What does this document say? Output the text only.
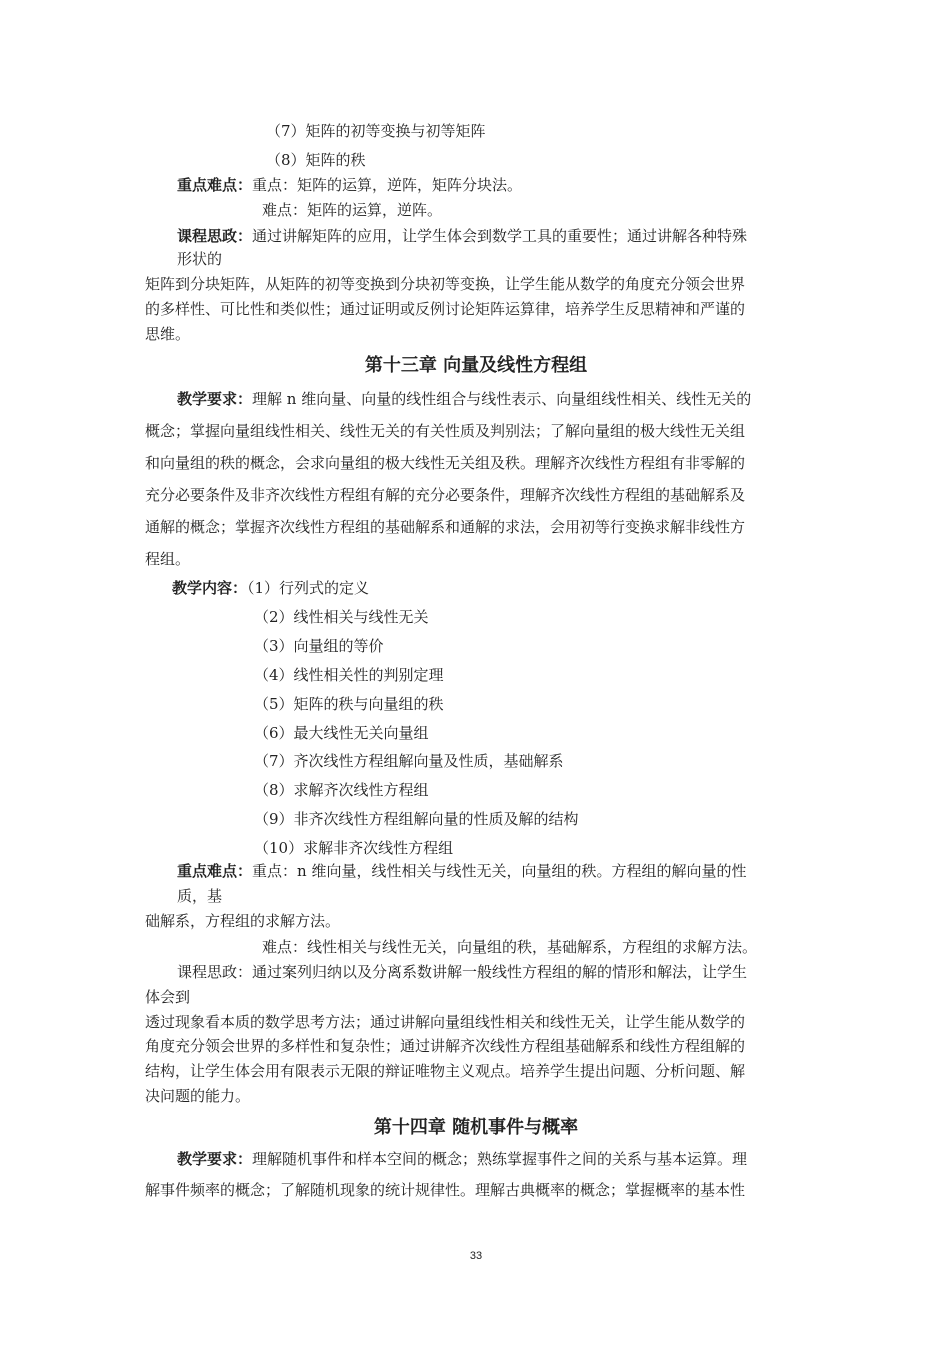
（7）矩阵的初等变换与初等矩阵
（8）矩阵的秩
重点难点：重点：矩阵的运算，逆阵，矩阵分块法。
难点：矩阵的运算，逆阵。
课程思政：通过讲解矩阵的应用，让学生体会到数学工具的重要性；通过讲解各种特殊
形状的
矩阵到分块矩阵，从矩阵的初等变换到分块初等变换，让学生能从数学的角度充分领会世界
的多样性、可比性和类似性；通过证明或反例讨论矩阵运算律，培养学生反思精神和严谨的
思维。
第十三章 向量及线性方程组
教学要求：理解 n 维向量、向量的线性组合与线性表示、向量组线性相关、线性无关的
概念；掌握向量组线性相关、线性无关的有关性质及判别法；了解向量组的极大线性无关组
和向量组的秩的概念，会求向量组的极大线性无关组及秩。理解齐次线性方程组有非零解的
充分必要条件及非齐次线性方程组有解的充分必要条件，理解齐次线性方程组的基础解系及
通解的概念；掌握齐次线性方程组的基础解系和通解的求法，会用初等行变换求解非线性方
程组。
教学内容：（1）行列式的定义
（2）线性相关与线性无关
（3）向量组的等价
（4）线性相关性的判别定理
（5）矩阵的秩与向量组的秩
（6）最大线性无关向量组
（7）齐次线性方程组解向量及性质，基础解系
（8）求解齐次线性方程组
（9）非齐次线性方程组解向量的性质及解的结构
（10）求解非齐次线性方程组
重点难点：重点：n 维向量，线性相关与线性无关，向量组的秩。方程组的解向量的性
质，基
础解系，方程组的求解方法。
难点：线性相关与线性无关，向量组的秩，基础解系，方程组的求解方法。
课程思政：通过案列归纳以及分离系数讲解一般线性方程组的解的情形和解法，让学生
体会到
透过现象看本质的数学思考方法；通过讲解向量组线性相关和线性无关，让学生能从数学的
角度充分领会世界的多样性和复杂性；通过讲解齐次线性方程组基础解系和线性方程组解的
结构，让学生体会用有限表示无限的辩证唯物主义观点。培养学生提出问题、分析问题、解
决问题的能力。
第十四章 随机事件与概率
教学要求：理解随机事件和样本空间的概念；熟练掌握事件之间的关系与基本运算。理
解事件频率的概念；了解随机现象的统计规律性。理解古典概率的概念；掌握概率的基本性
33
